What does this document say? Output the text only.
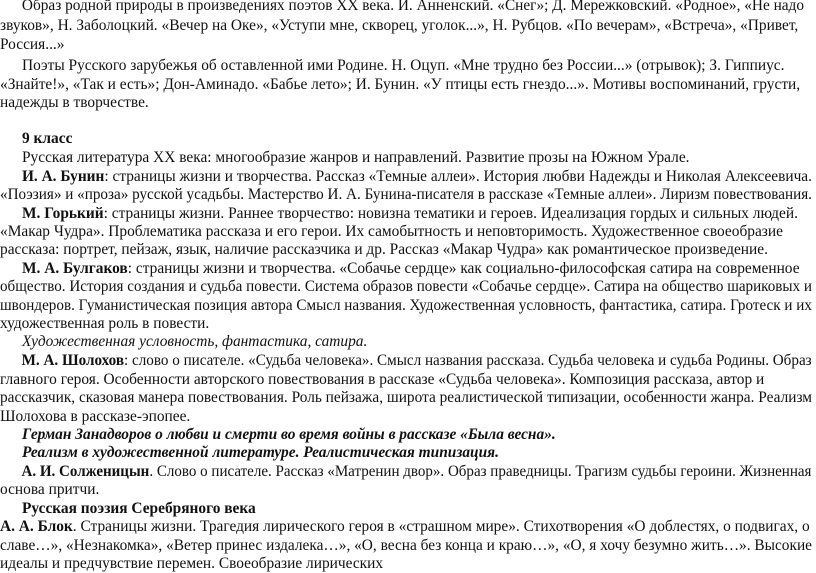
Образ родной природы в произведениях поэтов XX века. И. Анненский. «Снег»; Д. Мережковский. «Родное», «Не надо
звуков», Н. Заболоцкий. «Вечер на Оке», «Уступи мне, скворец, уголок...», Н. Рубцов. «По вечерам», «Встреча», «Привет,
Россия...»
Поэты Русского зарубежья об оставленной ими Родине. Н. Оцуп. «Мне трудно без России...» (отрывок); З. Гиппиус.
«Знайте!», «Так и есть»; Дон-Аминадо. «Бабье лето»; И. Бунин. «У птицы есть гнездо...». Мотивы воспоминаний, грусти,
надежды в творчестве.
9 класс
Русская литература XX века: многообразие жанров и направлений. Развитие прозы на Южном Урале.
И. А. Бунин: страницы жизни и творчества. Рассказ «Темные аллеи». История любви Надежды и Николая Алексеевича.
«Поэзия» и «проза» русской усадьбы. Мастерство И. А. Бунина-писателя в рассказе «Темные аллеи». Лиризм повествования.
М. Горький: страницы жизни. Раннее творчество: новизна тематики и героев. Идеализация гордых и сильных людей.
«Макар Чудра». Проблематика рассказа и его герои. Их самобытность и неповторимость. Художественное своеобразие
рассказа: портрет, пейзаж, язык, наличие рассказчика и др. Рассказ «Макар Чудра» как романтическое произведение.
М. А. Булгаков: страницы жизни и творчества. «Собачье сердце» как социально-философская сатира на современное
общество. История создания и судьба повести. Система образов повести «Собачье сердце». Сатира на общество шариковых и
швондеров. Гуманистическая позиция автора Смысл названия. Художественная условность, фантастика, сатира. Гротеск и их
художественная роль в повести.
Художественная условность, фантастика, сатира.
М. А. Шолохов: слово о писателе. «Судьба человека». Смысл названия рассказа. Судьба человека и судьба Родины. Образ
главного героя. Особенности авторского повествования в рассказе «Судьба человека». Композиция рассказа, автор и
рассказчик, сказовая манера повествования. Роль пейзажа, широта реалистической типизации, особенности жанра. Реализм
Шолохова в рассказе-эпопее.
Герман Занадворов о любви и смерти во время войны в рассказе «Была весна».
Реализм в художественной литературе. Реалистическая типизация.
А. И. Солженицын. Слово о писателе. Рассказ «Матренин двор». Образ праведницы. Трагизм судьбы героини. Жизненная
основа притчи.
Русская поэзия Серебряного века
А. А. Блок. Страницы жизни. Трагедия лирического героя в «страшном мире». Стихотворения «О доблестях, о подвигах, о
славе…», «Незнакомка», «Ветер принес издалека…», «О, весна без конца и краю…», «О, я хочу безумно жить…». Высокие
идеалы и предчувствие перемен. Своеобразие лирических
